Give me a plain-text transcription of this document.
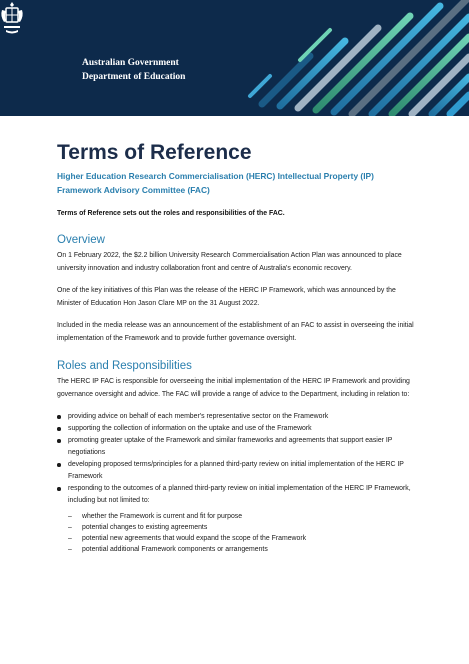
Australian Government
Department of Education
Terms of Reference
Higher Education Research Commercialisation (HERC) Intellectual Property (IP)
Framework Advisory Committee (FAC)
Terms of Reference sets out the roles and responsibilities of the FAC.
Overview

On 1 February 2022, the $2.2 billion University Research Commercialisation Action Plan was announced to place university innovation and industry collaboration front and centre of Australia's economic recovery.

One of the key initiatives of this Plan was the release of the HERC IP Framework, which was announced by the Minister of Education Hon Jason Clare MP on the 31 August 2022.

Included in the media release was an announcement of the establishment of an FAC to assist in overseeing the initial implementation of the Framework and to provide further governance oversight.

Roles and Responsibilities

The HERC IP FAC is responsible for overseeing the initial implementation of the HERC IP Framework and providing governance oversight and advice. The FAC will provide a range of advice to the Department, including in relation to:

providing advice on behalf of each member's representative sector on the Framework
supporting the collection of information on the uptake and use of the Framework
promoting greater uptake of the Framework and similar frameworks and agreements that support easier IP negotiations
developing proposed terms/principles for a planned third-party review on initial implementation of the HERC IP Framework
responding to the outcomes of a planned third-party review on initial implementation of the HERC IP Framework, including but not limited to:
– whether the Framework is current and fit for purpose
– potential changes to existing agreements
– potential new agreements that would expand the scope of the Framework
– potential additional Framework components or arrangements
